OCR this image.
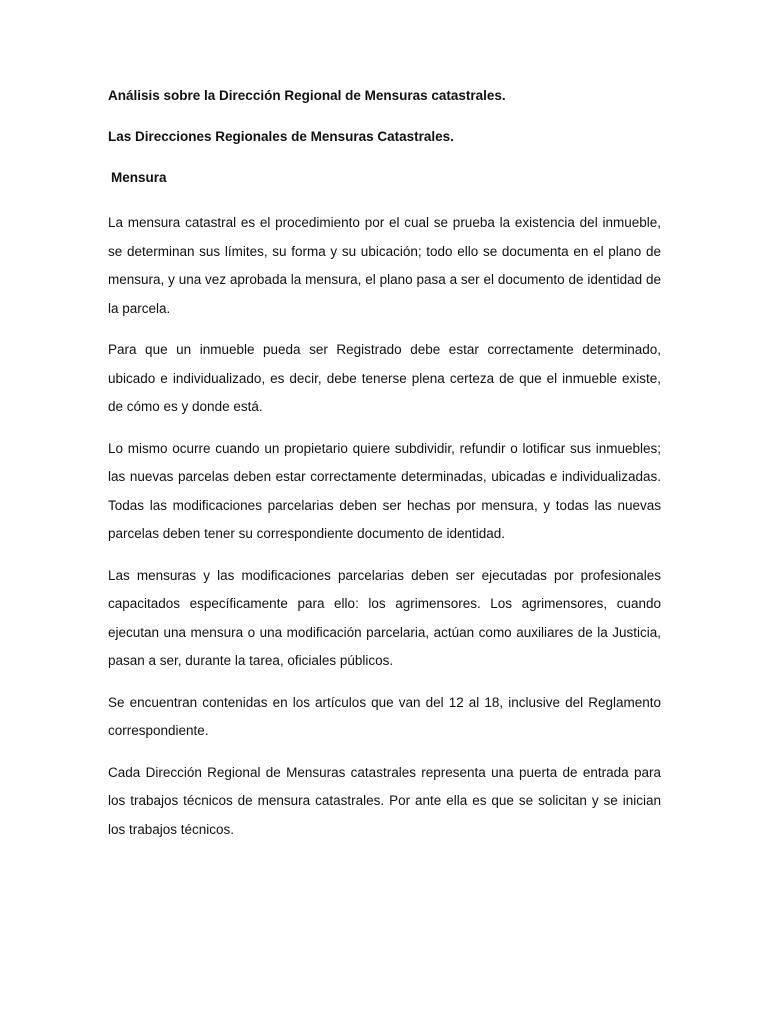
Análisis sobre la Dirección Regional de Mensuras catastrales.
Las Direcciones Regionales de Mensuras Catastrales.
Mensura

La mensura catastral es el procedimiento por el cual se prueba la existencia del inmueble, se determinan sus límites, su forma y su ubicación; todo ello se documenta en el plano de mensura, y una vez aprobada la mensura, el plano pasa a ser el documento de identidad de la parcela.

Para que un inmueble pueda ser Registrado debe estar correctamente determinado, ubicado e individualizado, es decir, debe tenerse plena certeza de que el inmueble existe, de cómo es y donde está.

Lo mismo ocurre cuando un propietario quiere subdividir, refundir o lotificar sus inmuebles; las nuevas parcelas deben estar correctamente determinadas, ubicadas e individualizadas. Todas las modificaciones parcelarias deben ser hechas por mensura, y todas las nuevas parcelas deben tener su correspondiente documento de identidad.

Las mensuras y las modificaciones parcelarias deben ser ejecutadas por profesionales capacitados específicamente para ello: los agrimensores. Los agrimensores, cuando ejecutan una mensura o una modificación parcelaria, actúan como auxiliares de la Justicia, pasan a ser, durante la tarea, oficiales públicos.

Se encuentran contenidas en los artículos que van del 12 al 18, inclusive del Reglamento correspondiente.

Cada Dirección Regional de Mensuras catastrales representa una puerta de entrada para los trabajos técnicos de mensura catastrales. Por ante ella es que se solicitan y se inician los trabajos técnicos.
